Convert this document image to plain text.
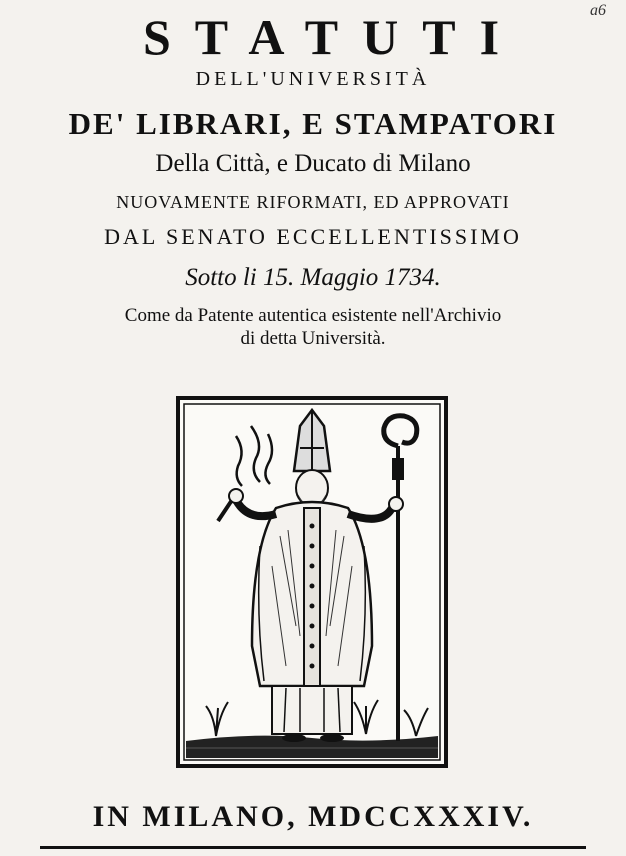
a6
STATUTI
DELL'UNIVERSITÀ
DE' LIBRARI, E STAMPATORI
Della Città, e Ducato di Milano
NUOVAMENTE RIFORMATI, ED APPROVATI
DAL SENATO ECCELLENTISSIMO
Sotto li 15. Maggio 1734.
Come da Patente autentica esistente nell'Archivio
di detta Università.
IN MILANO, MDCCXXXIV.
